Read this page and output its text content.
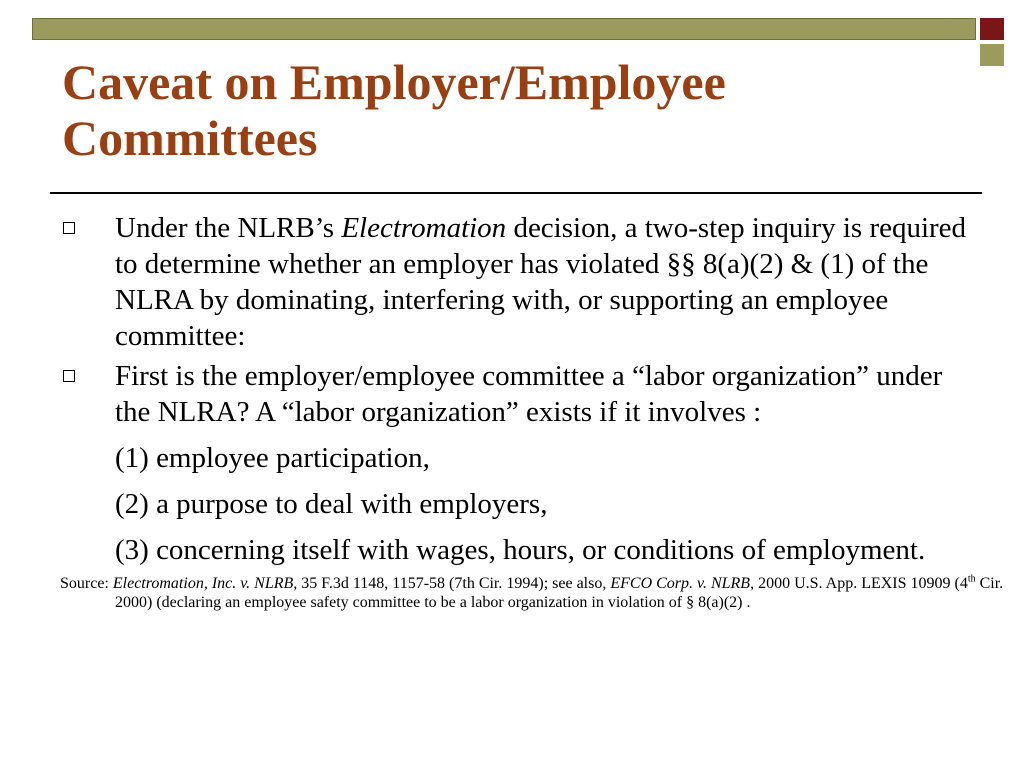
Caveat on Employer/Employee Committees
Under the NLRB’s Electromation decision, a two-step inquiry is required to determine whether an employer has violated §§ 8(a)(2) & (1) of the NLRA by dominating, interfering with, or supporting an employee committee:
First is the employer/employee committee a “labor organization” under the NLRA? A “labor organization” exists if it involves :
(1) employee participation,
(2) a purpose to deal with employers,
(3) concerning itself with wages, hours, or conditions of employment.
Source: Electromation, Inc. v. NLRB, 35 F.3d 1148, 1157-58 (7th Cir. 1994); see also, EFCO Corp. v. NLRB, 2000 U.S. App. LEXIS 10909 (4th Cir. 2000) (declaring an employee safety committee to be a labor organization in violation of § 8(a)(2) .
